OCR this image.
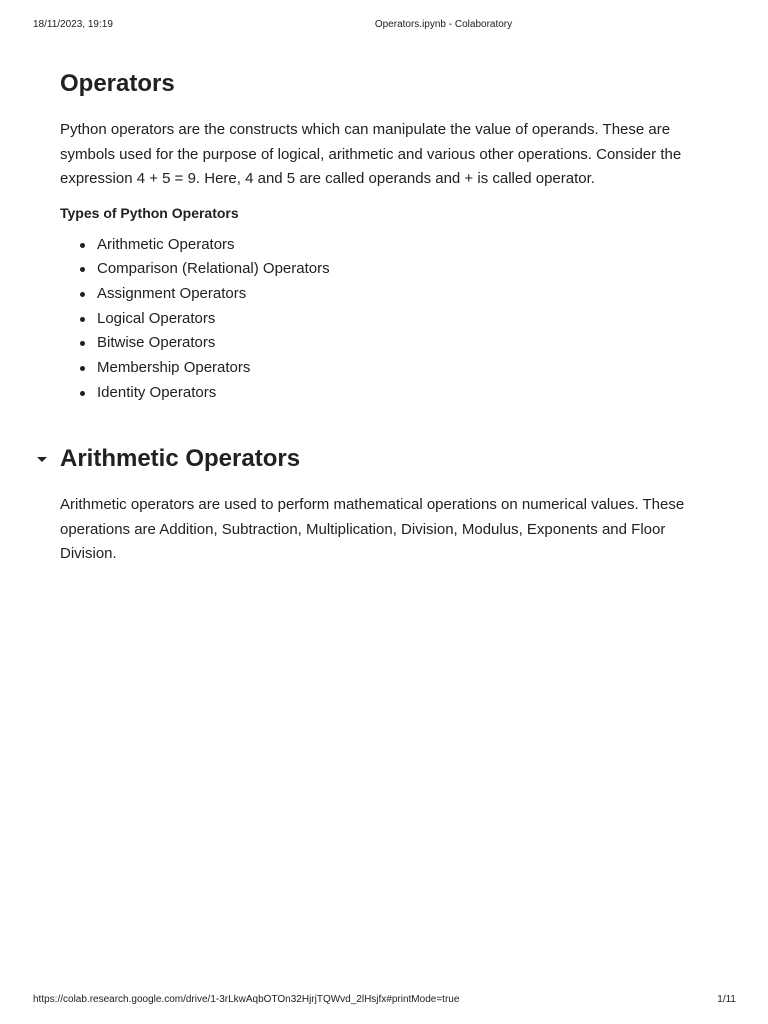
18/11/2023, 19:19	Operators.ipynb - Colaboratory
Operators

Python operators are the constructs which can manipulate the value of operands. These are symbols used for the purpose of logical, arithmetic and various other operations. Consider the expression 4 + 5 = 9. Here, 4 and 5 are called operands and + is called operator.

Types of Python Operators
Arithmetic Operators
Comparison (Relational) Operators
Assignment Operators
Logical Operators
Bitwise Operators
Membership Operators
Identity Operators
Arithmetic Operators

Arithmetic operators are used to perform mathematical operations on numerical values. These operations are Addition, Subtraction, Multiplication, Division, Modulus, Exponents and Floor Division.

https://colab.research.google.com/drive/1-3rLkwAqbOTOn32HjrjTQWvd_2lHsjfx#printMode=true	1/11
